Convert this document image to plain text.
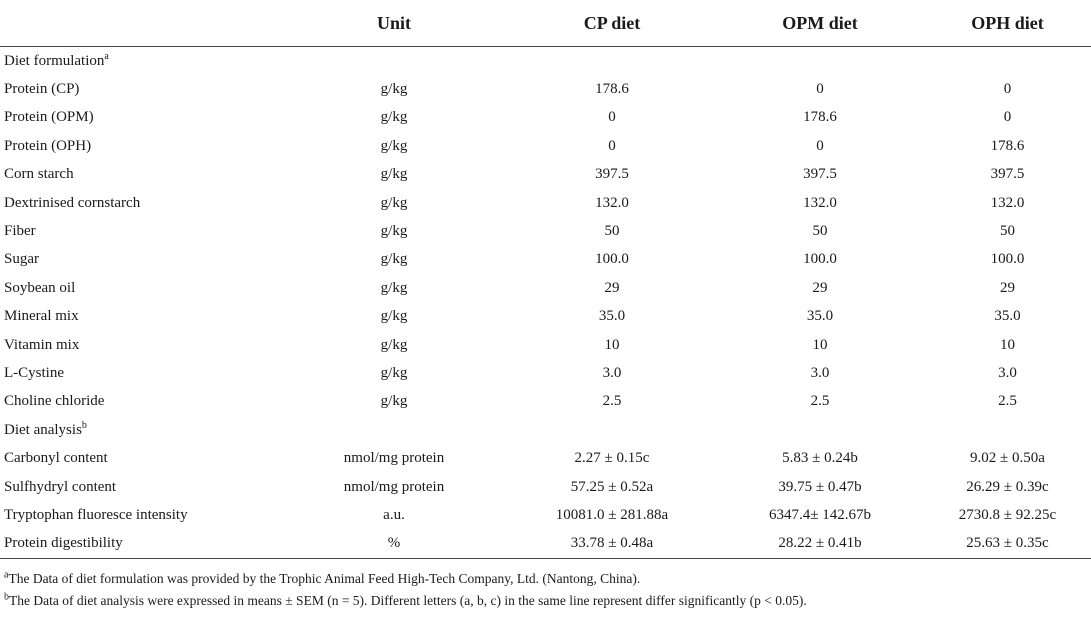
	Unit	CP diet	OPM diet	OPH diet
Diet formulation$^a$
Protein (CP)	g/kg	178.6	0	0
Protein (OPM)	g/kg	0	178.6	0
Protein (OPH)	g/kg	0	0	178.6
Corn starch	g/kg	397.5	397.5	397.5
Dextrinised cornstarch	g/kg	132.0	132.0	132.0
Fiber	g/kg	50	50	50
Sugar	g/kg	100.0	100.0	100.0
Soybean oil	g/kg	29	29	29
Mineral mix	g/kg	35.0	35.0	35.0
Vitamin mix	g/kg	10	10	10
L-Cystine	g/kg	3.0	3.0	3.0
Choline chloride	g/kg	2.5	2.5	2.5
Diet analysis$^b$
Carbonyl content	nmol/mg protein	2.27 ± 0.15c	5.83 ± 0.24b	9.02 ± 0.50a
Sulfhydryl content	nmol/mg protein	57.25 ± 0.52a	39.75 ± 0.47b	26.29 ± 0.39c
Tryptophan fluoresce intensity	a.u.	10081.0 ± 281.88a	6347.4± 142.67b	2730.8 ± 92.25c
Protein digestibility	%	33.78 ± 0.48a	28.22 ± 0.41b	25.63 ± 0.35c
$^a$The Data of diet formulation was provided by the Trophic Animal Feed High-Tech Company, Ltd. (Nantong, China).
$^b$The Data of diet analysis were expressed in means ± SEM (n = 5). Different letters (a, b, c) in the same line represent differ significantly (p < 0.05).
